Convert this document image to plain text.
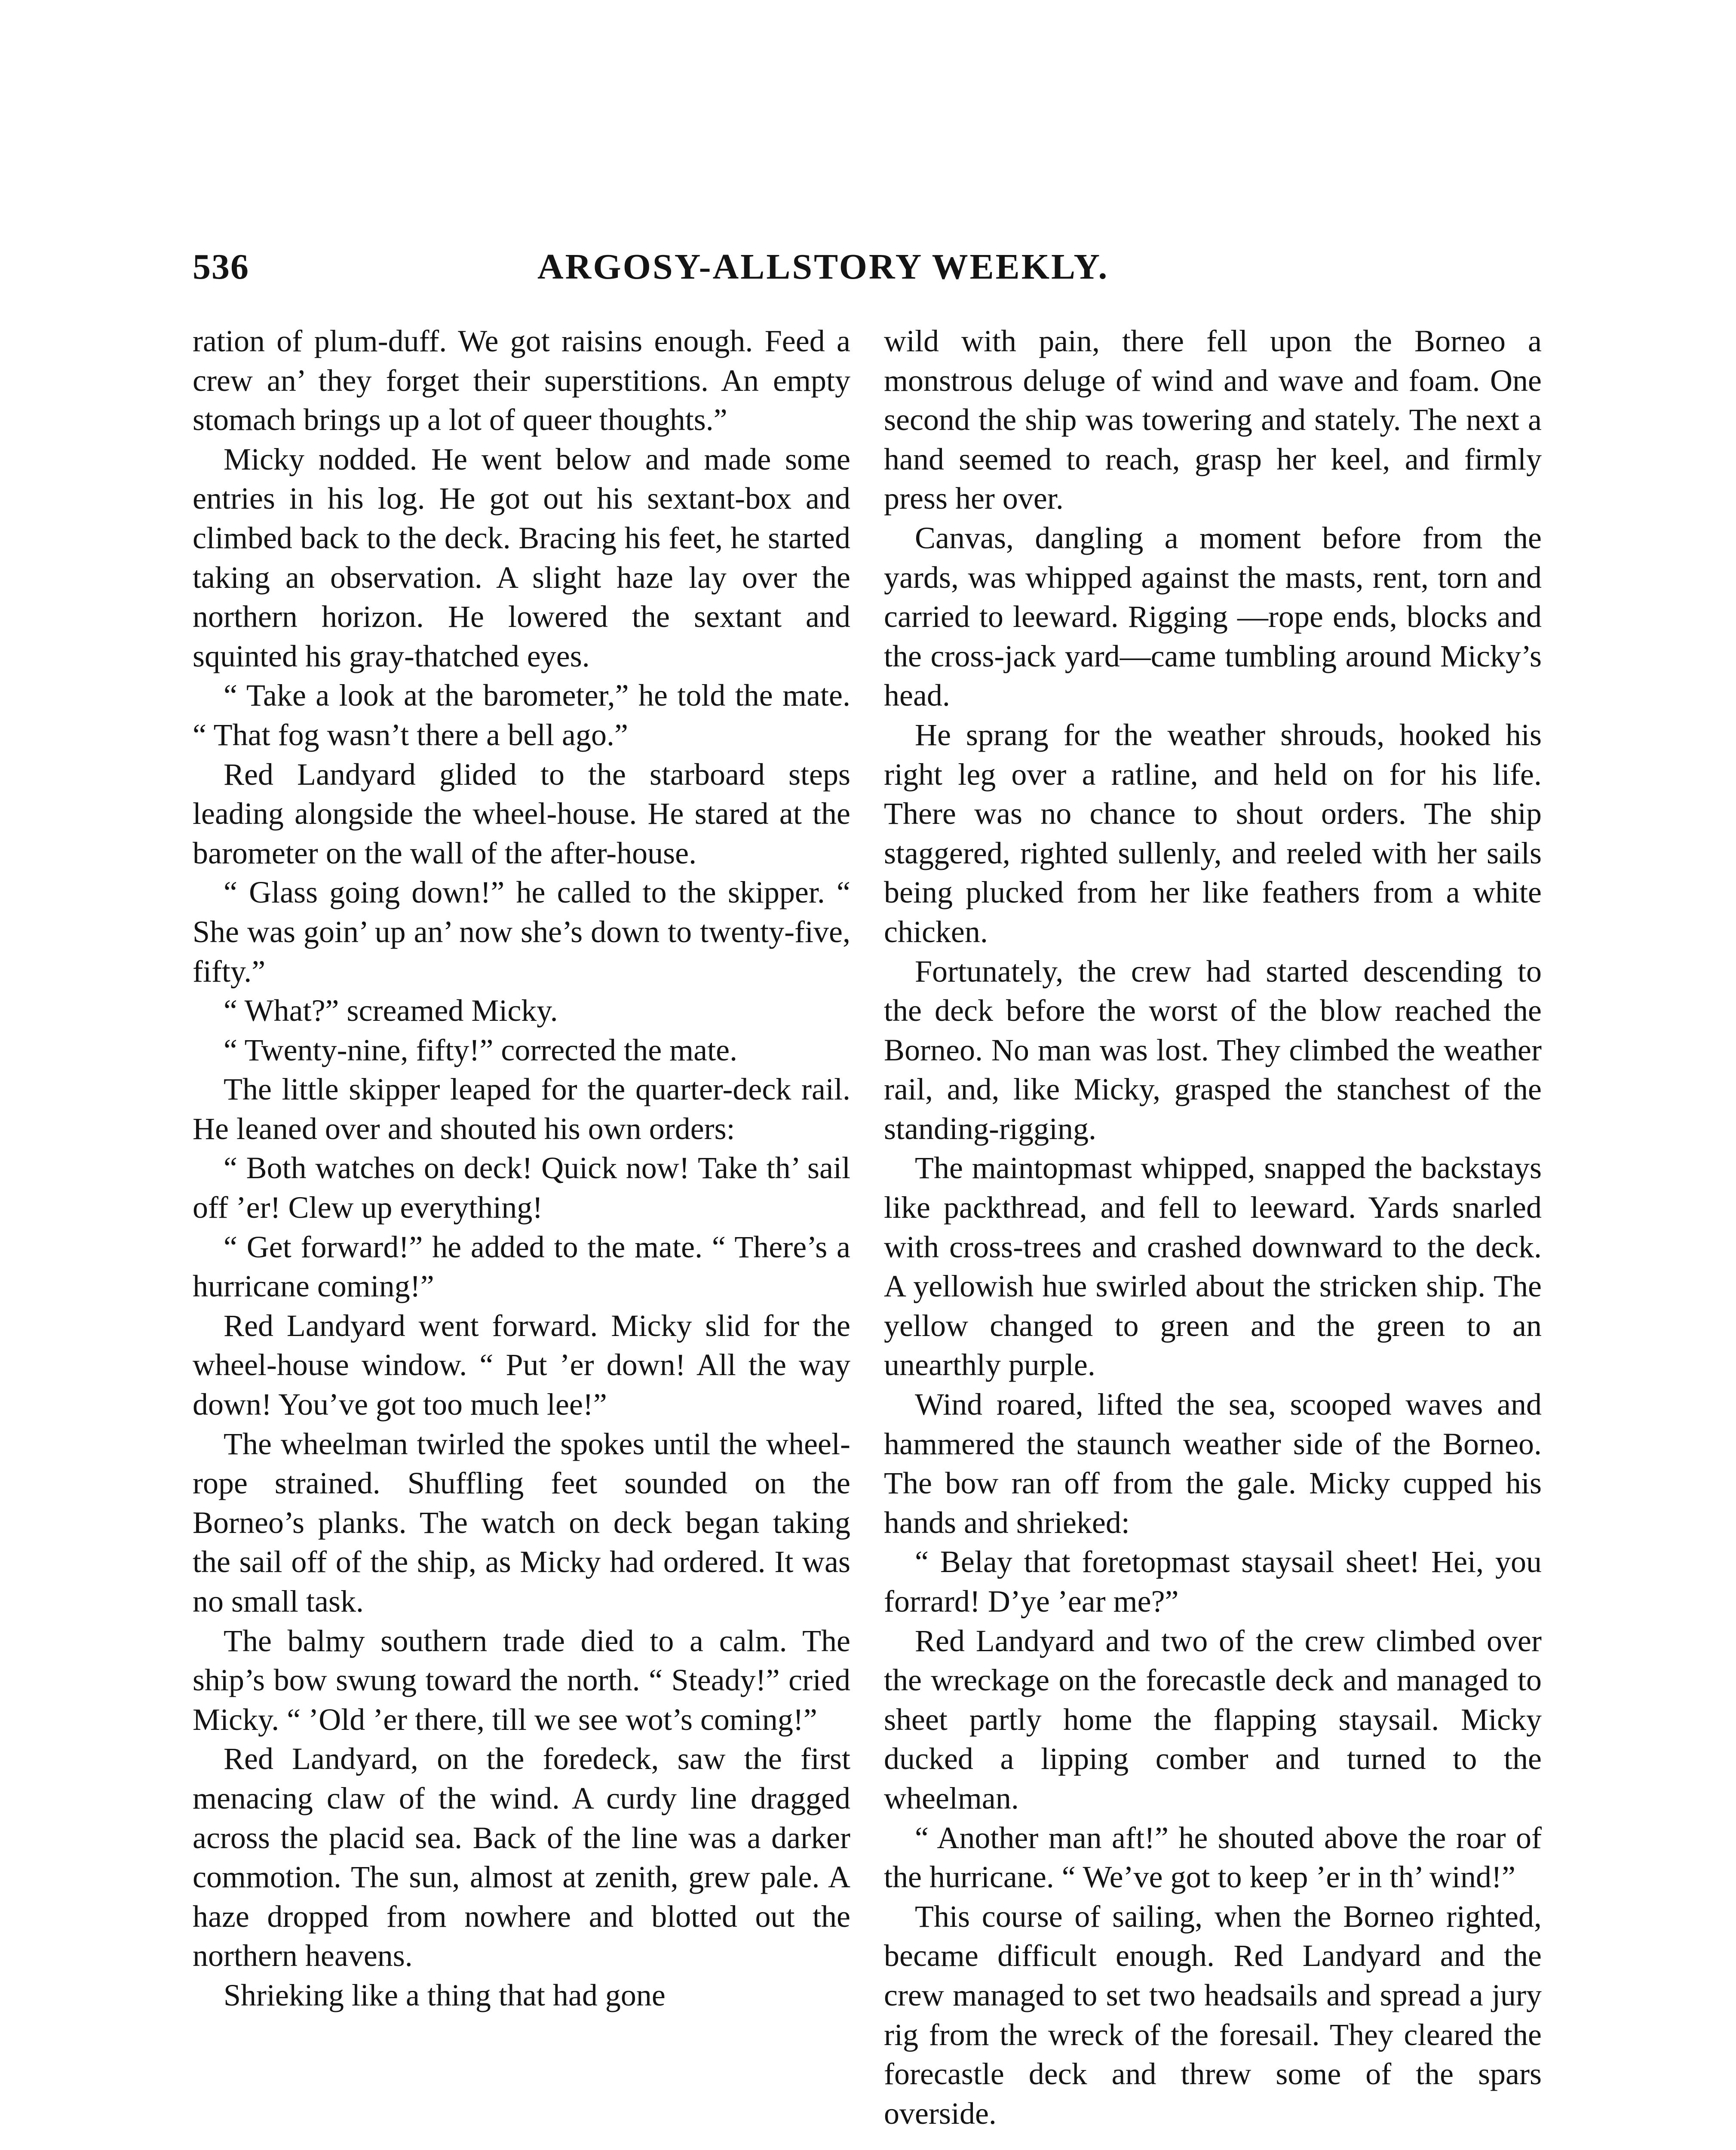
536	ARGOSY-ALLSTORY WEEKLY.

ration of plum-duff. We got raisins enough. Feed a crew an’ they forget their superstitions. An empty stomach brings up a lot of queer thoughts.”

Micky nodded. He went below and made some entries in his log. He got out his sextant-box and climbed back to the deck. Bracing his feet, he started taking an observation. A slight haze lay over the northern horizon. He lowered the sextant and squinted his gray-thatched eyes.

“ Take a look at the barometer,” he told the mate. “ That fog wasn’t there a bell ago.”

Red Landyard glided to the starboard steps leading alongside the wheel-house. He stared at the barometer on the wall of the after-house.

“ Glass going down!” he called to the skipper. “ She was goin’ up an’ now she’s down to twenty-five, fifty.”

“ What?” screamed Micky.

“ Twenty-nine, fifty!” corrected the mate.

The little skipper leaped for the quarter-deck rail. He leaned over and shouted his own orders:

“ Both watches on deck! Quick now! Take th’ sail off ’er! Clew up everything!

“ Get forward!” he added to the mate. “ There’s a hurricane coming!”

Red Landyard went forward. Micky slid for the wheel-house window. “ Put ’er down! All the way down! You’ve got too much lee!”

The wheelman twirled the spokes until the wheel-rope strained. Shuffling feet sounded on the Borneo’s planks. The watch on deck began taking the sail off of the ship, as Micky had ordered. It was no small task.

The balmy southern trade died to a calm. The ship’s bow swung toward the north. “ Steady!” cried Micky. “ ’Old ’er there, till we see wot’s coming!”

Red Landyard, on the foredeck, saw the first menacing claw of the wind. A curdy line dragged across the placid sea. Back of the line was a darker commotion. The sun, almost at zenith, grew pale. A haze dropped from nowhere and blotted out the northern heavens.

Shrieking like a thing that had gone

wild with pain, there fell upon the Borneo a monstrous deluge of wind and wave and foam. One second the ship was towering and stately. The next a hand seemed to reach, grasp her keel, and firmly press her over.

Canvas, dangling a moment before from the yards, was whipped against the masts, rent, torn and carried to leeward. Rigging —rope ends, blocks and the cross-jack yard—came tumbling around Micky’s head.

He sprang for the weather shrouds, hooked his right leg over a ratline, and held on for his life. There was no chance to shout orders. The ship staggered, righted sullenly, and reeled with her sails being plucked from her like feathers from a white chicken.

Fortunately, the crew had started descending to the deck before the worst of the blow reached the Borneo. No man was lost. They climbed the weather rail, and, like Micky, grasped the stanchest of the standing-rigging.

The maintopmast whipped, snapped the backstays like packthread, and fell to leeward. Yards snarled with cross-trees and crashed downward to the deck. A yellowish hue swirled about the stricken ship. The yellow changed to green and the green to an unearthly purple.

Wind roared, lifted the sea, scooped waves and hammered the staunch weather side of the Borneo. The bow ran off from the gale. Micky cupped his hands and shrieked:

“ Belay that foretopmast staysail sheet! Hei, you forrard! D’ye ’ear me?”

Red Landyard and two of the crew climbed over the wreckage on the forecastle deck and managed to sheet partly home the flapping staysail. Micky ducked a lipping comber and turned to the wheelman.

“ Another man aft!” he shouted above the roar of the hurricane. “ We’ve got to keep ’er in th’ wind!”

This course of sailing, when the Borneo righted, became difficult enough. Red Landyard and the crew managed to set two headsails and spread a jury rig from the wreck of the foresail. They cleared the forecastle deck and threw some of the spars overside.
